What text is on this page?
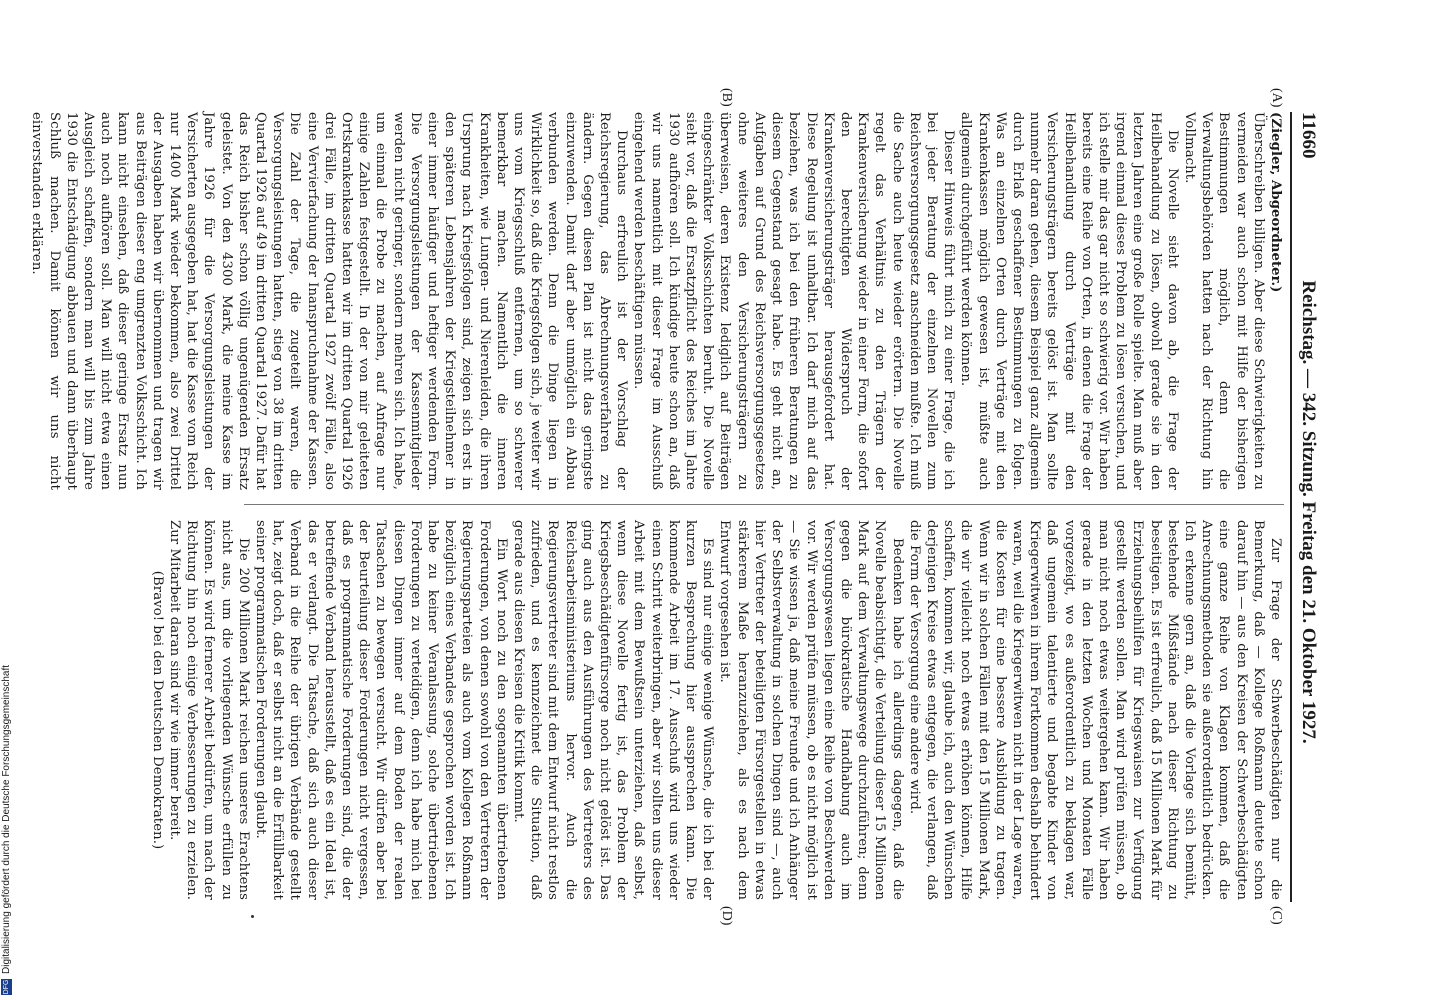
11660
Reichstag. — 342. Sitzung. Freitag den 21. Oktober 1927.
(A)
(B)
(C)
(D)

(Ziegler, Abgeordneter.)

Überschreiben billigen. Aber diese Schwierigkeiten zu vermeiden war auch schon mit Hilfe der bisherigen Bestimmungen möglich, denn die Verwaltungsbehörden hatten nach der Richtung hin Vollmacht.

Die Novelle sieht davon ab, die Frage der Heilbehandlung zu lösen, obwohl gerade sie in den letzten Jahren eine große Rolle spielte. Man muß aber irgend einmal dieses Problem zu lösen versuchen, und ich stelle mir das gar nicht so schwierig vor. Wir haben bereits eine Reihe von Orten, in denen die Frage der Heilbehandlung durch Verträge mit den Versicherungsträgern bereits gelöst ist. Man sollte nunmehr daran gehen, diesem Beispiel ganz allgemein durch Erlaß geschaffener Bestimmungen zu folgen. Was an einzelnen Orten durch Verträge mit den Krankenkassen möglich gewesen ist, müßte auch allgemein durchgeführt werden können.

Dieser Hinweis führt mich zu einer Frage, die ich bei jeder Beratung der einzelnen Novellen zum Reichsversorgungsgesetz anschneiden mußte. Ich muß die Sache auch heute wieder erörtern. Die Novelle regelt das Verhältnis zu den Trägern der Krankenversicherung wieder in einer Form, die sofort den berechtigten Widerspruch der Krankenversicherungsträger herausgefordert hat. Diese Regelung ist unhaltbar. Ich darf mich auf das beziehen, was ich bei den früheren Beratungen zu diesem Gegenstand gesagt habe. Es geht nicht an, Aufgaben auf Grund des Reichsversorgungsgesetzes ohne weiteres den Versicherungsträgern zu überweisen, deren Existenz lediglich auf Beiträgen eingeschränkter Volksschichten beruht. Die Novelle sieht vor, daß die Ersatzpflicht des Reiches im Jahre 1930 aufhören soll. Ich kündige heute schon an, daß wir uns namentlich mit dieser Frage im Ausschuß eingehend werden beschäftigen müssen.

Durchaus erfreulich ist der Vorschlag der Reichsregierung, das Abrechnungsverfahren zu ändern. Gegen diesen Plan ist nicht das geringste einzuwenden. Damit darf aber unmöglich ein Abbau verbunden werden. Denn die Dinge liegen in Wirklichkeit so, daß die Kriegsfolgen sich, je weiter wir uns vom Kriegsschluß entfernen, um so schwerer bemerkbar machen. Namentlich die inneren Krankheiten, wie Lungen- und Nierenleiden, die ihren Ursprung nach Kriegsfolgen sind, zeigen sich erst in den späteren Lebensjahren der Kriegsteilnehmer in einer immer häufiger und heftiger werdenden Form. Die Versorgungsleistungen der Kassenmitglieder werden nicht geringer, sondern mehren sich. Ich habe, um einmal die Probe zu machen, auf Anfrage nur einige Zahlen festgestellt. In der von mir geleiteten Ortskrankenkasse hatten wir im dritten Quartal 1926 drei Fälle, im dritten Quartal 1927 zwölf Fälle, also eine Vervierfachung der Inanspruchnahme der Kassen. Die Zahl der Tage, die zugeteilt waren, die Versorgungsleistungen hatten, stieg von 38 im dritten Quartal 1926 auf 49 im dritten Quartal 1927. Dafür hat das Reich bisher schon völlig ungenügenden Ersatz geleistet. Von den 4300 Mark, die meine Kasse im Jahre 1926 für die Versorgungsleistungen der Versicherten ausgegeben hat, hat die Kasse vom Reich nur 1400 Mark wieder bekommen, also zwei Drittel der Ausgaben haben wir übernommen und tragen wir aus Beiträgen dieser eng umgrenzten Volksschicht. Ich kann nicht einsehen, daß dieser geringe Ersatz nun auch noch aufhören soll. Man will nicht etwa einen Ausgleich schaffen, sondern man will bis zum Jahre 1930 die Entschädigung abbauen und dann überhaupt Schluß machen. Damit können wir uns nicht einverstanden erklären.

Zur Frage der Schwerbeschädigten nur die Bemerkung, daß — Kollege Roßmann deutete schon darauf hin — aus den Kreisen der Schwerbeschädigten eine ganze Reihe von Klagen kommen, daß die Anrechnungsmethoden sie außerordentlich bedrücken. Ich erkenne gern an, daß die Vorlage sich bemüht, bestehende Mißstände nach dieser Richtung zu beseitigen. Es ist erfreulich, daß 15 Millionen Mark für Erziehungsbeihilfen für Kriegswaisen zur Verfügung gestellt werden sollen. Man wird prüfen müssen, ob man nicht noch etwas weitergehen kann. Wir haben gerade in den letzten Wochen und Monaten Fälle vorgezeigt, wo es außerordentlich zu beklagen war, daß ungemein talentierte und begabte Kinder von Kriegerwitwen in ihrem Fortkommen deshalb behindert waren, weil die Kriegerwitwen nicht in der Lage waren, die Kosten für eine bessere Ausbildung zu tragen. Wenn wir in solchen Fällen mit den 15 Millionen Mark, die wir vielleicht noch etwas erhöhen können, Hilfe schaffen, kommen wir, glaube ich, auch den Wünschen derjenigen Kreise etwas entgegen, die verlangen, daß die Form der Versorgung eine andere wird.

Bedenken habe ich allerdings dagegen, daß die Novelle beabsichtigt, die Verteilung dieser 15 Millionen Mark auf dem Verwaltungswege durchzuführen; denn gegen die bürokratische Handhabung auch im Versorgungswesen liegen eine Reihe von Beschwerden vor. Wir werden prüfen müssen, ob es nicht möglich ist — Sie wissen ja, daß meine Freunde und ich Anhänger der Selbstverwaltung in solchen Dingen sind —, auch hier Vertreter der beteiligten Fürsorgestellen in etwas stärkerem Maße heranzuziehen, als es nach dem Entwurf vorgesehen ist.

Es sind nur einige wenige Wünsche, die ich bei der kurzen Besprechung hier aussprechen kann. Die kommende Arbeit im 17. Ausschuß wird uns wieder einen Schritt weiterbringen, aber wir sollten uns dieser Arbeit mit dem Bewußtsein unterziehen, daß selbst, wenn diese Novelle fertig ist, das Problem der Kriegsbeschädigtenfürsorge noch nicht gelöst ist. Das ging auch aus den Ausführungen des Vertreters des Reichsarbeitsministeriums hervor. Auch die Regierungsvertreter sind mit dem Entwurf nicht restlos zufrieden, und es kennzeichnet die Situation, daß gerade aus diesen Kreisen die Kritik kommt.

Ein Wort noch zu den sogenannten übertriebenen Forderungen, von denen sowohl von den Vertretern der Regierungsparteien als auch vom Kollegen Roßmann bezüglich eines Verbandes gesprochen worden ist. Ich habe zu keiner Veranlassung, solche übertriebenen Forderungen zu verteidigen, denn ich habe mich bei diesen Dingen immer auf dem Boden der realen Tatsachen zu bewegen versucht. Wir dürfen aber bei der Beurteilung dieser Forderungen nicht vergessen, daß es programmatische Forderungen sind, die der betreffende Verband herausstellt, daß es ein Ideal ist, das er verlangt. Die Tatsache, daß sich auch dieser Verband in die Reihe der übrigen Verbände gestellt hat, zeigt doch, daß er selbst nicht an die Erfüllbarkeit seiner programmatischen Forderungen glaubt.

Die 200 Millionen Mark reichen unseres Erachtens nicht aus, um die vorliegenden Wünsche erfüllen zu können. Es wird fernerer Arbeit bedürfen, um nach der Richtung hin noch einige Verbesserungen zu erzielen. Zur Mitarbeit daran sind wir wie immer bereit.

(Bravo! bei den Deutschen Demokraten.)

DFGDigitalisierung gefördert durch die Deutsche Forschungsgemeinschaft
